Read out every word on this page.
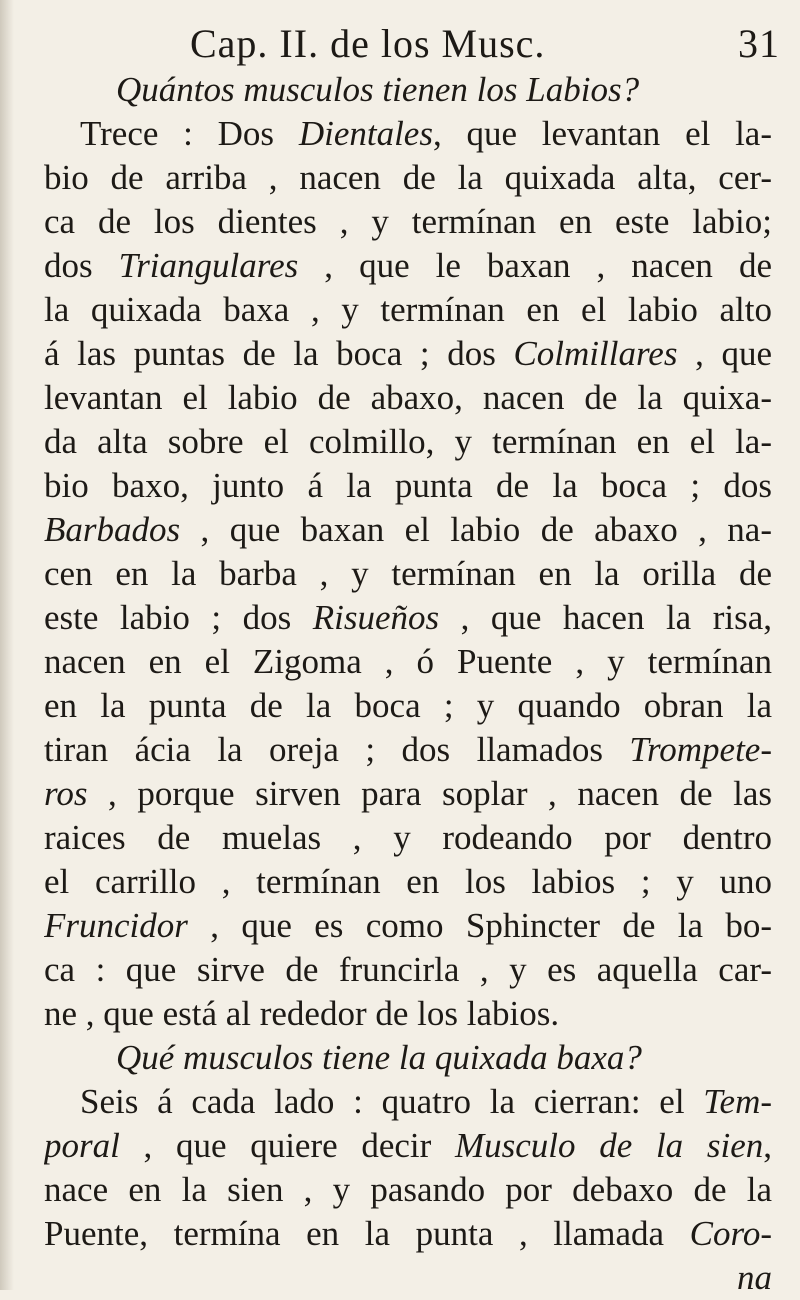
Cap. II. de los Musc.	31
Quántos musculos tienen los Labios?
Trece : Dos Dientales, que levantan el la-
bio de arriba , nacen de la quixada alta, cer-
ca de los dientes , y termínan en este labio;
dos Triangulares , que le baxan , nacen de
la quixada baxa , y termínan en el labio alto
á las puntas de la boca ; dos Colmillares , que
levantan el labio de abaxo, nacen de la quixa-
da alta sobre el colmillo, y termínan en el la-
bio baxo, junto á la punta de la boca ; dos
Barbados , que baxan el labio de abaxo , na-
cen en la barba , y termínan en la orilla de
este labio ; dos Risueños , que hacen la risa,
nacen en el Zigoma , ó Puente , y termínan
en la punta de la boca ; y quando obran la
tiran ácia la oreja ; dos llamados Trompete-
ros , porque sirven para soplar , nacen de las
raices de muelas , y rodeando por dentro
el carrillo , termínan en los labios ; y uno
Fruncidor , que es como Sphincter de la bo-
ca : que sirve de fruncirla , y es aquella car-
ne , que está al rededor de los labios.
Qué musculos tiene la quixada baxa?
Seis á cada lado : quatro la cierran: el Tem-
poral , que quiere decir Musculo de la sien,
nace en la sien , y pasando por debaxo de la
Puente, termína en la punta , llamada Coro-
na
